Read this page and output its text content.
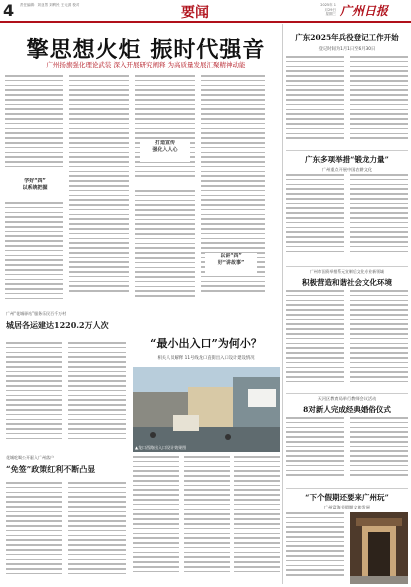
4 责任编辑：刘亚男 刘利民 王元淇 校对	要闻	2025年 1月29日 星期三 广州日报
擎思想火炬 振时代强音
广州扬旗强化理论武装 深入开展研究阐释 为高质量发展汇聚精神动能
学好“四”
以系统把握
打造宣传
强化入人心
以讲“四”
好“讲故事”
广州“花城驿站”服务乐民百千万村
城居各运建达1220.2万人次
花城吃喝公开驱入广州落户
“免签”政策红利不断凸显
“最小出入口”为何小？
相关人员解释 11号线龙口直街出入口设计建设情况
▲龙口西路出入口设计效果图
广东2025年兵役登记工作开始
登记时间为1月1日至6月30日
广东多项举措“锻龙力量”
广州重点开展中国农耕文化
广州市国资举措系元宣制后文化专业新领域
积极营造和谐社会文化环境
天河区教育局举行教师会议活动
8对新人完成经典婚俗仪式
“下个假期还要来广州玩”
广州富海节假期文旅发展
